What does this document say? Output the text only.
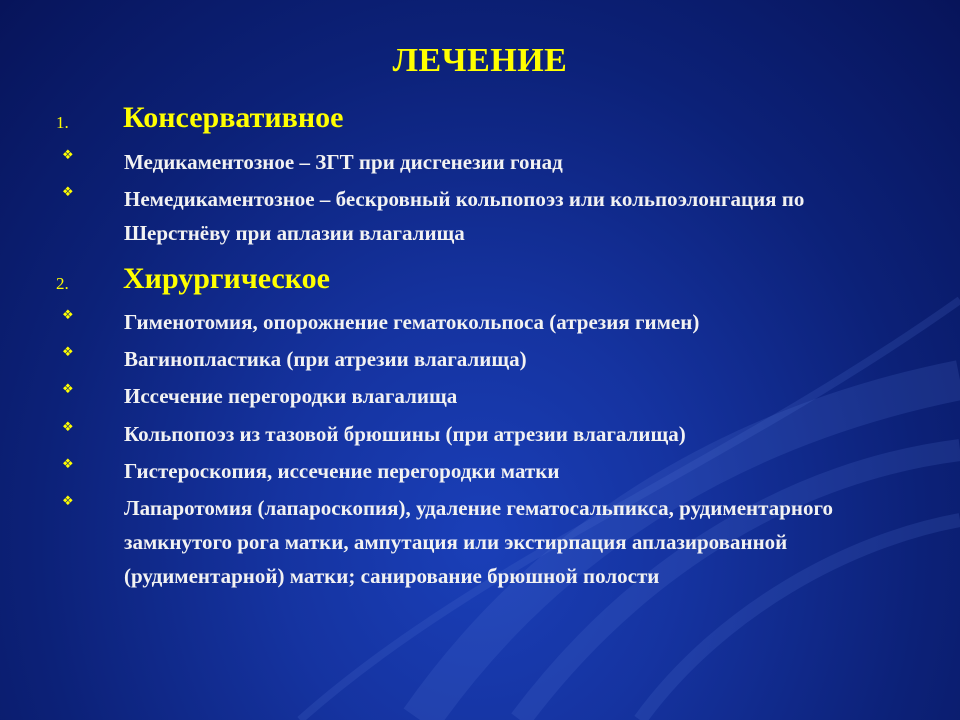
ЛЕЧЕНИЕ
1. Консервативное
❖ Медикаментозное – ЗГТ при дисгенезии гонад
❖ Немедикаментозное – бескровный кольпопоэз или кольпоэлонгация по Шерстнёву при аплазии влагалища
2. Хирургическое
❖ Гименотомия, опорожнение гематокольпоса (атрезия гимен)
❖ Вагинопластика (при атрезии влагалища)
❖ Иссечение перегородки влагалища
❖ Кольпопоэз из тазовой брюшины (при атрезии влагалища)
❖ Гистероскопия, иссечение перегородки матки
❖ Лапаротомия (лапароскопия), удаление гематосальпикса, рудиментарного замкнутого рога матки, ампутация или экстирпация аплазированной (рудиментарной) матки; санирование брюшной полости
